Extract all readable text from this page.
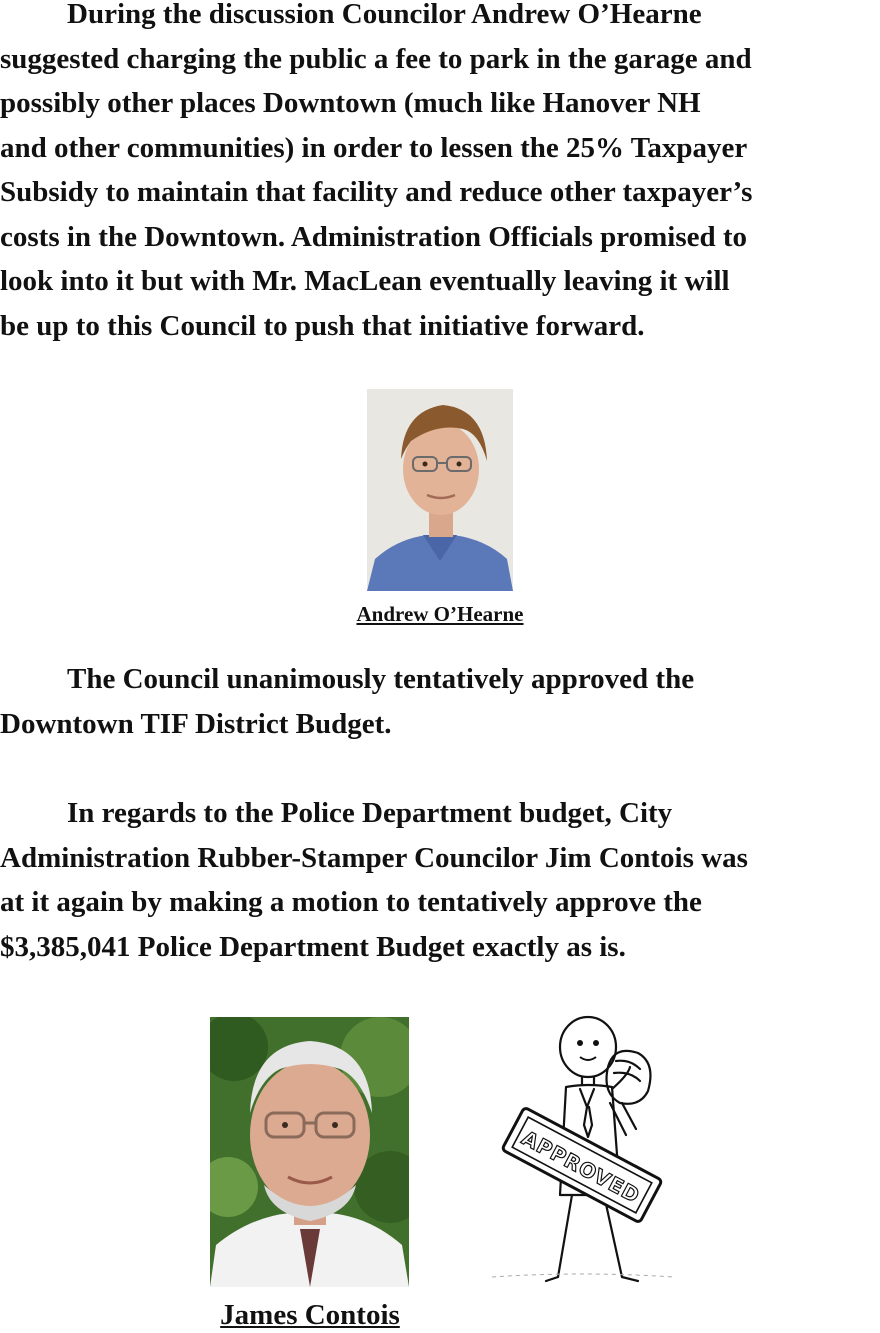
During the discussion Councilor Andrew O’Hearne
suggested charging the public a fee to park in the garage and
possibly other places Downtown (much like Hanover NH
and other communities) in order to lessen the 25% Taxpayer
Subsidy to maintain that facility and reduce other taxpayer’s
costs in the Downtown. Administration Officials promised to
look into it but with Mr. MacLean eventually leaving it will
be up to this Council to push that initiative forward.
Andrew O’Hearne
The Council unanimously tentatively approved the
Downtown TIF District Budget.
In regards to the Police Department budget, City
Administration Rubber-Stamper Councilor Jim Contois was
at it again by making a motion to tentatively approve the
$3,385,041 Police Department Budget exactly as is.
James Contois
APPROVED
